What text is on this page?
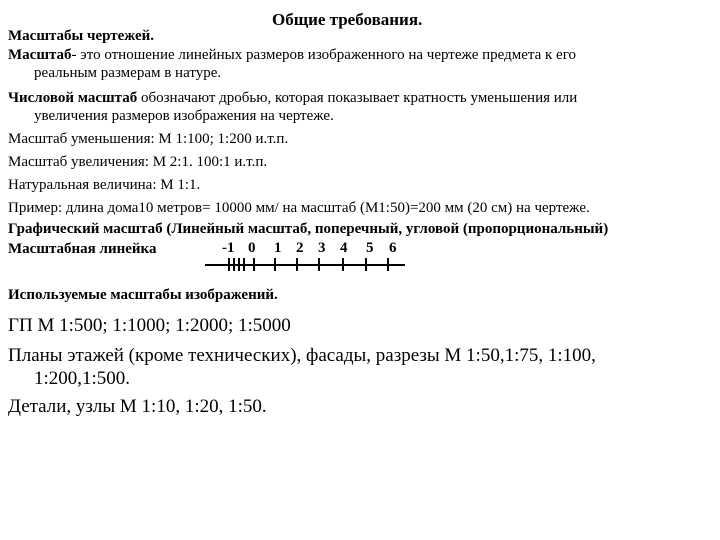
Общие требования.
Масштабы чертежей.
Масштаб- это отношение линейных размеров изображенного на чертеже предмета к его
реальным размерам в натуре.
Числовой масштаб обозначают дробью, которая показывает кратность уменьшения или
увеличения размеров изображения на чертеже.
Масштаб уменьшения: М 1:100; 1:200 и.т.п.
Масштаб увеличения: М 2:1. 100:1 и.т.п.
Натуральная величина: М 1:1.
Пример: длина дома10 метров= 10000 мм/ на масштаб (М1:50)=200 мм (20 см) на чертеже.
Графический масштаб (Линейный масштаб, поперечный, угловой (пропорциональный)
Масштабная линейка	-1 0 1 2 3 4 5 6
Используемые масштабы изображений.
ГП М 1:500; 1:1000; 1:2000; 1:5000
Планы этажей (кроме технических), фасады, разрезы М 1:50,1:75, 1:100,
1:200,1:500.
Детали, узлы М 1:10, 1:20, 1:50.
